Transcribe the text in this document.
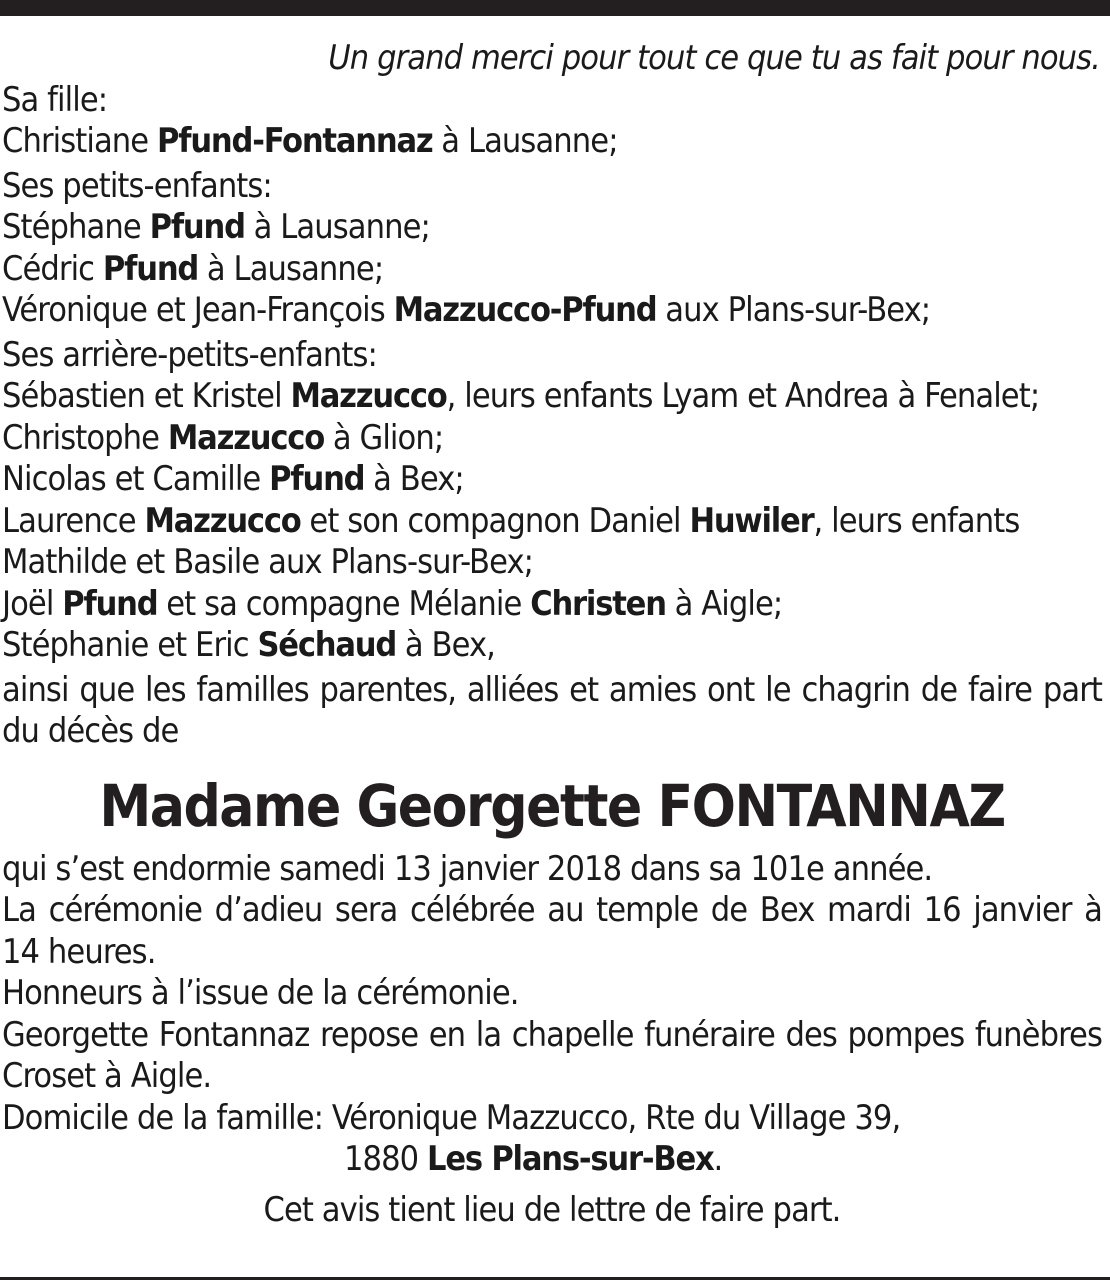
Un grand merci pour tout ce que tu as fait pour nous.

Sa fille:

Christiane Pfund-Fontannaz à Lausanne;

Ses petits-enfants:

Stéphane Pfund à Lausanne;

Cédric Pfund à Lausanne;

Véronique et Jean-François Mazzucco-Pfund aux Plans-sur-Bex;

Ses arrière-petits-enfants:

Sébastien et Kristel Mazzucco, leurs enfants Lyam et Andrea à Fenalet;

Christophe Mazzucco à Glion;

Nicolas et Camille Pfund à Bex;

Laurence Mazzucco et son compagnon Daniel Huwiler, leurs enfants

Mathilde et Basile aux Plans-sur-Bex;

Joël Pfund et sa compagne Mélanie Christen à Aigle;

Stéphanie et Eric Séchaud à Bex,

ainsi que les familles parentes, alliées et amies ont le chagrin de faire part du décès de

Madame Georgette FONTANNAZ

qui s’est endormie samedi 13 janvier 2018 dans sa 101e année.

La cérémonie d’adieu sera célébrée au temple de Bex mardi 16 janvier à 14 heures.

Honneurs à l’issue de la cérémonie.

Georgette Fontannaz repose en la chapelle funéraire des pompes funèbres Croset à Aigle.

Domicile de la famille: Véronique Mazzucco, Rte du Village 39,

1880 Les Plans-sur-Bex.

Cet avis tient lieu de lettre de faire part.
